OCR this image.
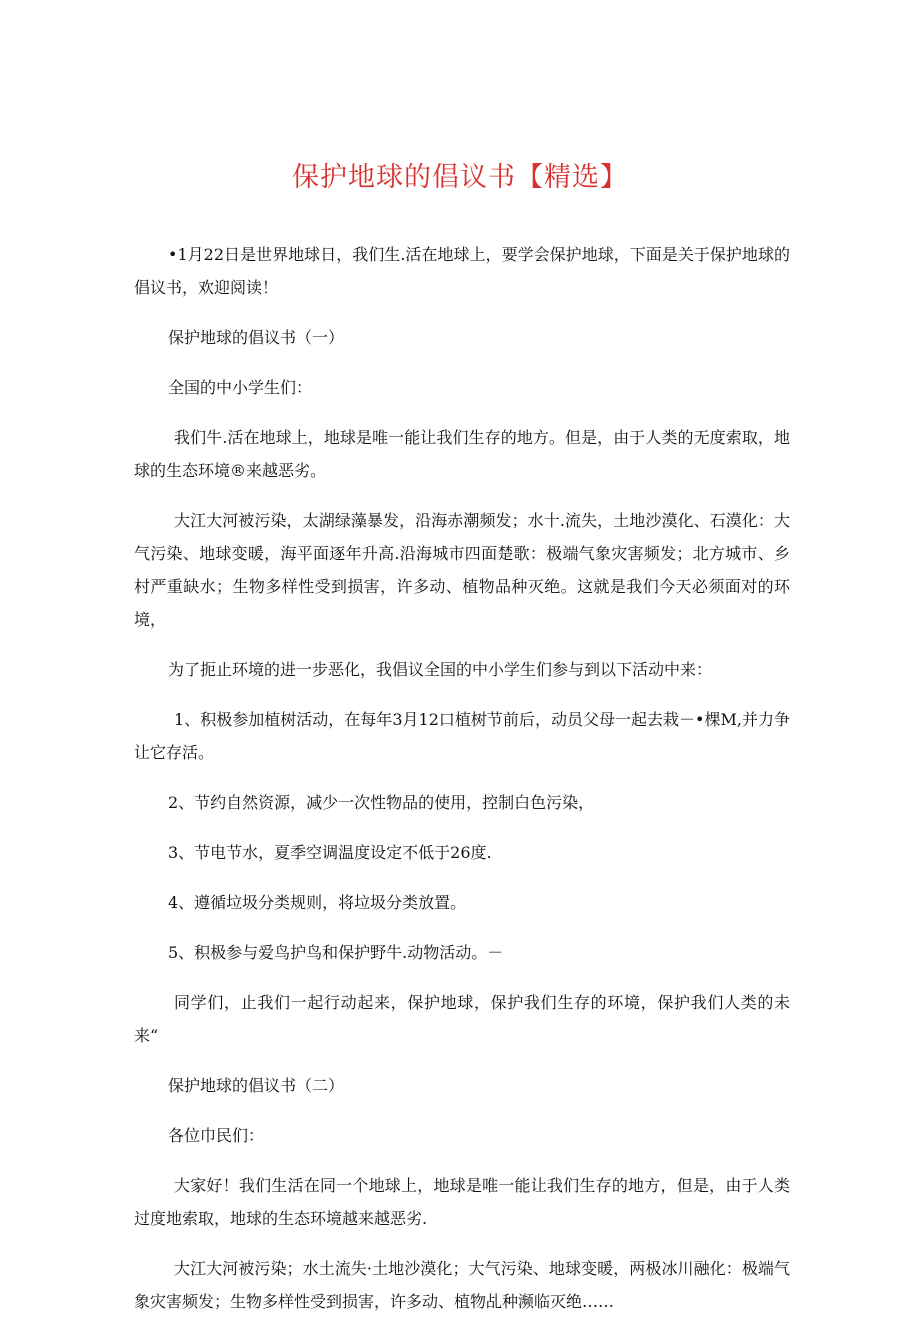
保护地球的倡议书【精选】

•1月22日是世界地球日，我们生.活在地球上，要学会保护地球，下面是关于保护地球的倡议书，欢迎阅读！

保护地球的倡议书（一）

全国的中小学生们：

我们牛.活在地球上，地球是唯一能让我们生存的地方。但是，由于人类的无度索取，地球的生态环境®来越恶劣。

大江大河被污染，太湖绿藻暴发，沿海赤潮频发；水十.流失，土地沙漠化、石漠化：大气污染、地球变暖，海平面逐年升高.沿海城市四面楚歌：极端气象灾害频发；北方城市、乡村严重缺水；生物多样性受到损害，许多动、植物品种灭绝。这就是我们今天必须面对的环境，

为了扼止环境的进一步恶化，我倡议全国的中小学生们参与到以下活动中来：

1、积极参加植树活动，在每年3月12口植树节前后，动员父母一起去栽－•棵M,并力争让它存活。

2、节约自然资源，减少一次性物品的使用，控制白色污染，

3、节电节水，夏季空调温度设定不低于26度.

4、遵循垃圾分类规则，将垃圾分类放置。

5、积极参与爱鸟护鸟和保护野牛.动物活动。－

同学们，止我们一起行动起来，保护地球，保护我们生存的环境，保护我们人类的未来“

保护地球的倡议书（二）

各位巾民们：

大家好！我们生活在同一个地球上，地球是唯一能让我们生存的地方，但是，由于人类过度地索取，地球的生态环境越来越恶劣.

大江大河被污染；水土流失·土地沙漠化；大气污染、地球变暖，两极冰川融化：极端气象灾害频发；生物多样性受到损害，许多动、植物乩种濒临灭绝……
